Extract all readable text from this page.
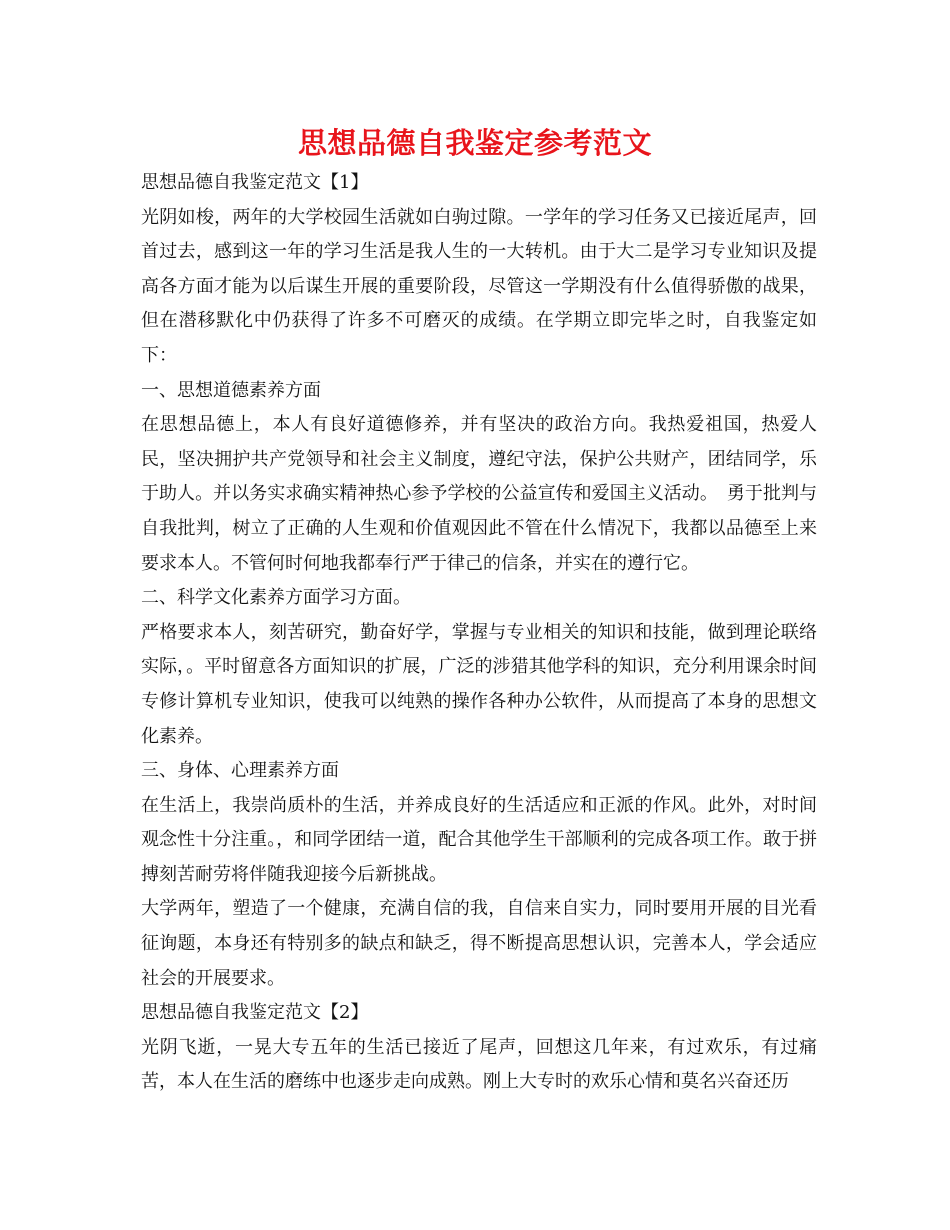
思想品德自我鉴定参考范文

思想品德自我鉴定范文【1】

光阴如梭，两年的大学校园生活就如白驹过隙。一学年的学习任务又已接近尾声，回首过去，感到这一年的学习生活是我人生的一大转机。由于大二是学习专业知识及提高各方面才能为以后谋生开展的重要阶段，尽管这一学期没有什么值得骄傲的战果，但在潜移默化中仍获得了许多不可磨灭的成绩。在学期立即完毕之时，自我鉴定如下：

一、思想道德素养方面

在思想品德上，本人有良好道德修养，并有坚决的政治方向。我热爱祖国，热爱人民，坚决拥护共产党领导和社会主义制度，遵纪守法，保护公共财产，团结同学，乐于助人。并以务实求确实精神热心参予学校的公益宣传和爱国主义活动。　勇于批判与自我批判，树立了正确的人生观和价值观因此不管在什么情况下，我都以品德至上来要求本人。不管何时何地我都奉行严于律己的信条，并实在的遵行它。

二、科学文化素养方面学习方面。

严格要求本人，刻苦研究，勤奋好学，掌握与专业相关的知识和技能，做到理论联络实际，。平时留意各方面知识的扩展，广泛的涉猎其他学科的知识，充分利用课余时间专修计算机专业知识，使我可以纯熟的操作各种办公软件，从而提高了本身的思想文化素养。

三、身体、心理素养方面

在生活上，我崇尚质朴的生活，并养成良好的生活适应和正派的作风。此外，对时间观念性十分注重。，和同学团结一道，配合其他学生干部顺利的完成各项工作。敢于拼搏刻苦耐劳将伴随我迎接今后新挑战。

大学两年，塑造了一个健康，充满自信的我，自信来自实力，同时要用开展的目光看征询题，本身还有特别多的缺点和缺乏，得不断提高思想认识，完善本人，学会适应社会的开展要求。

思想品德自我鉴定范文【2】

光阴飞逝，一晃大专五年的生活已接近了尾声，回想这几年来，有过欢乐，有过痛苦，本人在生活的磨练中也逐步走向成熟。刚上大专时的欢乐心情和莫名兴奋还历
